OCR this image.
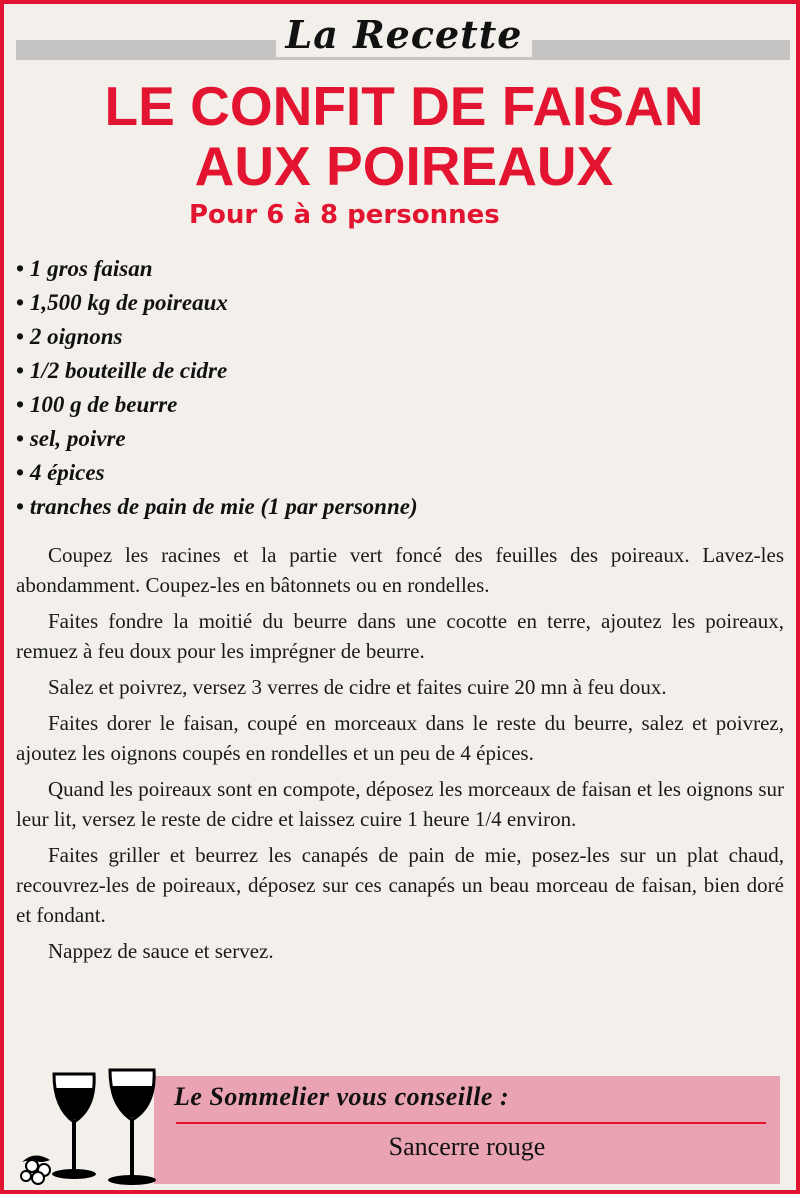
La Recette
LE CONFIT DE FAISAN
AUX POIREAUX
Pour 6 à 8 personnes
• 1 gros faisan
• 1,500 kg de poireaux
• 2 oignons
• 1/2 bouteille de cidre
• 100 g de beurre
• sel, poivre
• 4 épices
• tranches de pain de mie (1 par personne)

Coupez les racines et la partie vert foncé des feuilles des poireaux. Lavez-les abondamment. Coupez-les en bâtonnets ou en rondelles.

Faites fondre la moitié du beurre dans une cocotte en terre, ajoutez les poireaux, remuez à feu doux pour les imprégner de beurre.

Salez et poivrez, versez 3 verres de cidre et faites cuire 20 mn à feu doux.

Faites dorer le faisan, coupé en morceaux dans le reste du beurre, salez et poivrez, ajoutez les oignons coupés en rondelles et un peu de 4 épices.

Quand les poireaux sont en compote, déposez les morceaux de faisan et les oignons sur leur lit, versez le reste de cidre et laissez cuire 1 heure 1/4 environ.

Faites griller et beurrez les canapés de pain de mie, posez-les sur un plat chaud, recouvrez-les de poireaux, déposez sur ces canapés un beau morceau de faisan, bien doré et fondant.

Nappez de sauce et servez.

Le Sommelier vous conseille :
Sancerre rouge
